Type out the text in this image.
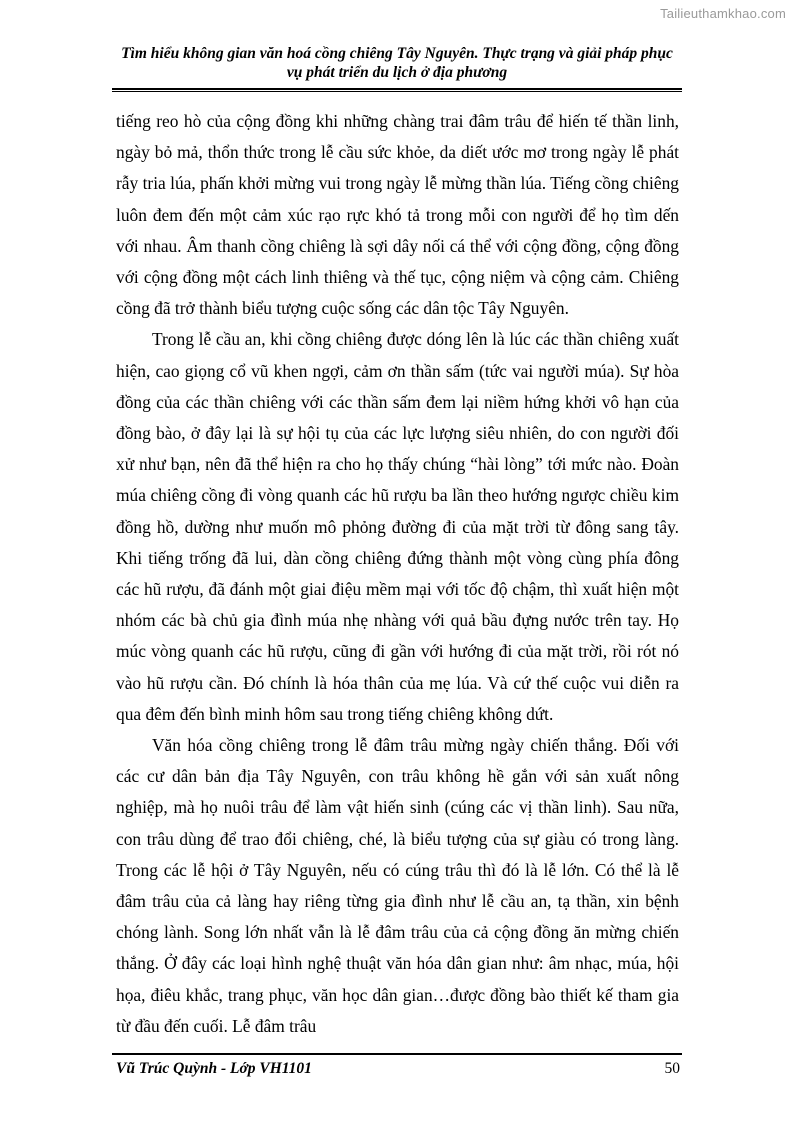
Tailieuthamkhao.com
Tìm hiểu không gian văn hoá cồng chiêng Tây Nguyên. Thực trạng và giải pháp phục vụ phát triển du lịch ở địa phương

tiếng reo hò của cộng đồng khi những chàng trai đâm trâu để hiến tế thần linh, ngày bỏ mả, thổn thức trong lễ cầu sức khỏe, da diết ước mơ trong ngày lễ phát rẫy tria lúa, phấn khởi mừng vui trong ngày lễ mừng thần lúa. Tiếng cồng chiêng luôn đem đến một cảm xúc rạo rực khó tả trong mỗi con người để họ tìm dến với nhau. Âm thanh cồng chiêng là sợi dây nối cá thể với cộng đồng, cộng đồng với cộng đồng một cách linh thiêng và thế tục, cộng niệm và cộng cảm. Chiêng cồng đã trở thành biểu tượng cuộc sống các dân tộc Tây Nguyên.

Trong lễ cầu an, khi cồng chiêng được dóng lên là lúc các thần chiêng xuất hiện, cao giọng cổ vũ khen ngợi, cảm ơn thần sấm (tức vai người múa). Sự hòa đồng của các thần chiêng với các thần sấm đem lại niềm hứng khởi vô hạn của đồng bào, ở đây lại là sự hội tụ của các lực lượng siêu nhiên, do con người đối xử như bạn, nên đã thể hiện ra cho họ thấy chúng “hài lòng” tới mức nào. Đoàn múa chiêng cồng đi vòng quanh các hũ rượu ba lần theo hướng ngược chiều kim đồng hồ, dường như muốn mô phỏng đường đi của mặt trời từ đông sang tây. Khi tiếng trống đã lui, dàn cồng chiêng đứng thành một vòng cùng phía đông các hũ rượu, đã đánh một giai điệu mềm mại với tốc độ chậm, thì xuất hiện một nhóm các bà chủ gia đình múa nhẹ nhàng với quả bầu đựng nước trên tay. Họ múc vòng quanh các hũ rượu, cũng đi gần với hướng đi của mặt trời, rồi rót nó vào hũ rượu cần. Đó chính là hóa thân của mẹ lúa. Và cứ thế cuộc vui diễn ra qua đêm đến bình minh hôm sau trong tiếng chiêng không dứt.

Văn hóa cồng chiêng trong lễ đâm trâu mừng ngày chiến thắng. Đối với các cư dân bản địa Tây Nguyên, con trâu không hề gắn với sản xuất nông nghiệp, mà họ nuôi trâu để làm vật hiến sinh (cúng các vị thần linh). Sau nữa, con trâu dùng để trao đổi chiêng, ché, là biểu tượng của sự giàu có trong làng. Trong các lễ hội ở Tây Nguyên, nếu có cúng trâu thì đó là lễ lớn. Có thể là lễ đâm trâu của cả làng hay riêng từng gia đình như lễ cầu an, tạ thần, xin bệnh chóng lành. Song lớn nhất vẫn là lễ đâm trâu của cả cộng đồng ăn mừng chiến thắng. Ở đây các loại hình nghệ thuật văn hóa dân gian như: âm nhạc, múa, hội họa, điêu khắc, trang phục, văn học dân gian…được đồng bào thiết kế tham gia từ đầu đến cuối. Lễ đâm trâu

Vũ Trúc Quỳnh - Lớp VH1101	50
